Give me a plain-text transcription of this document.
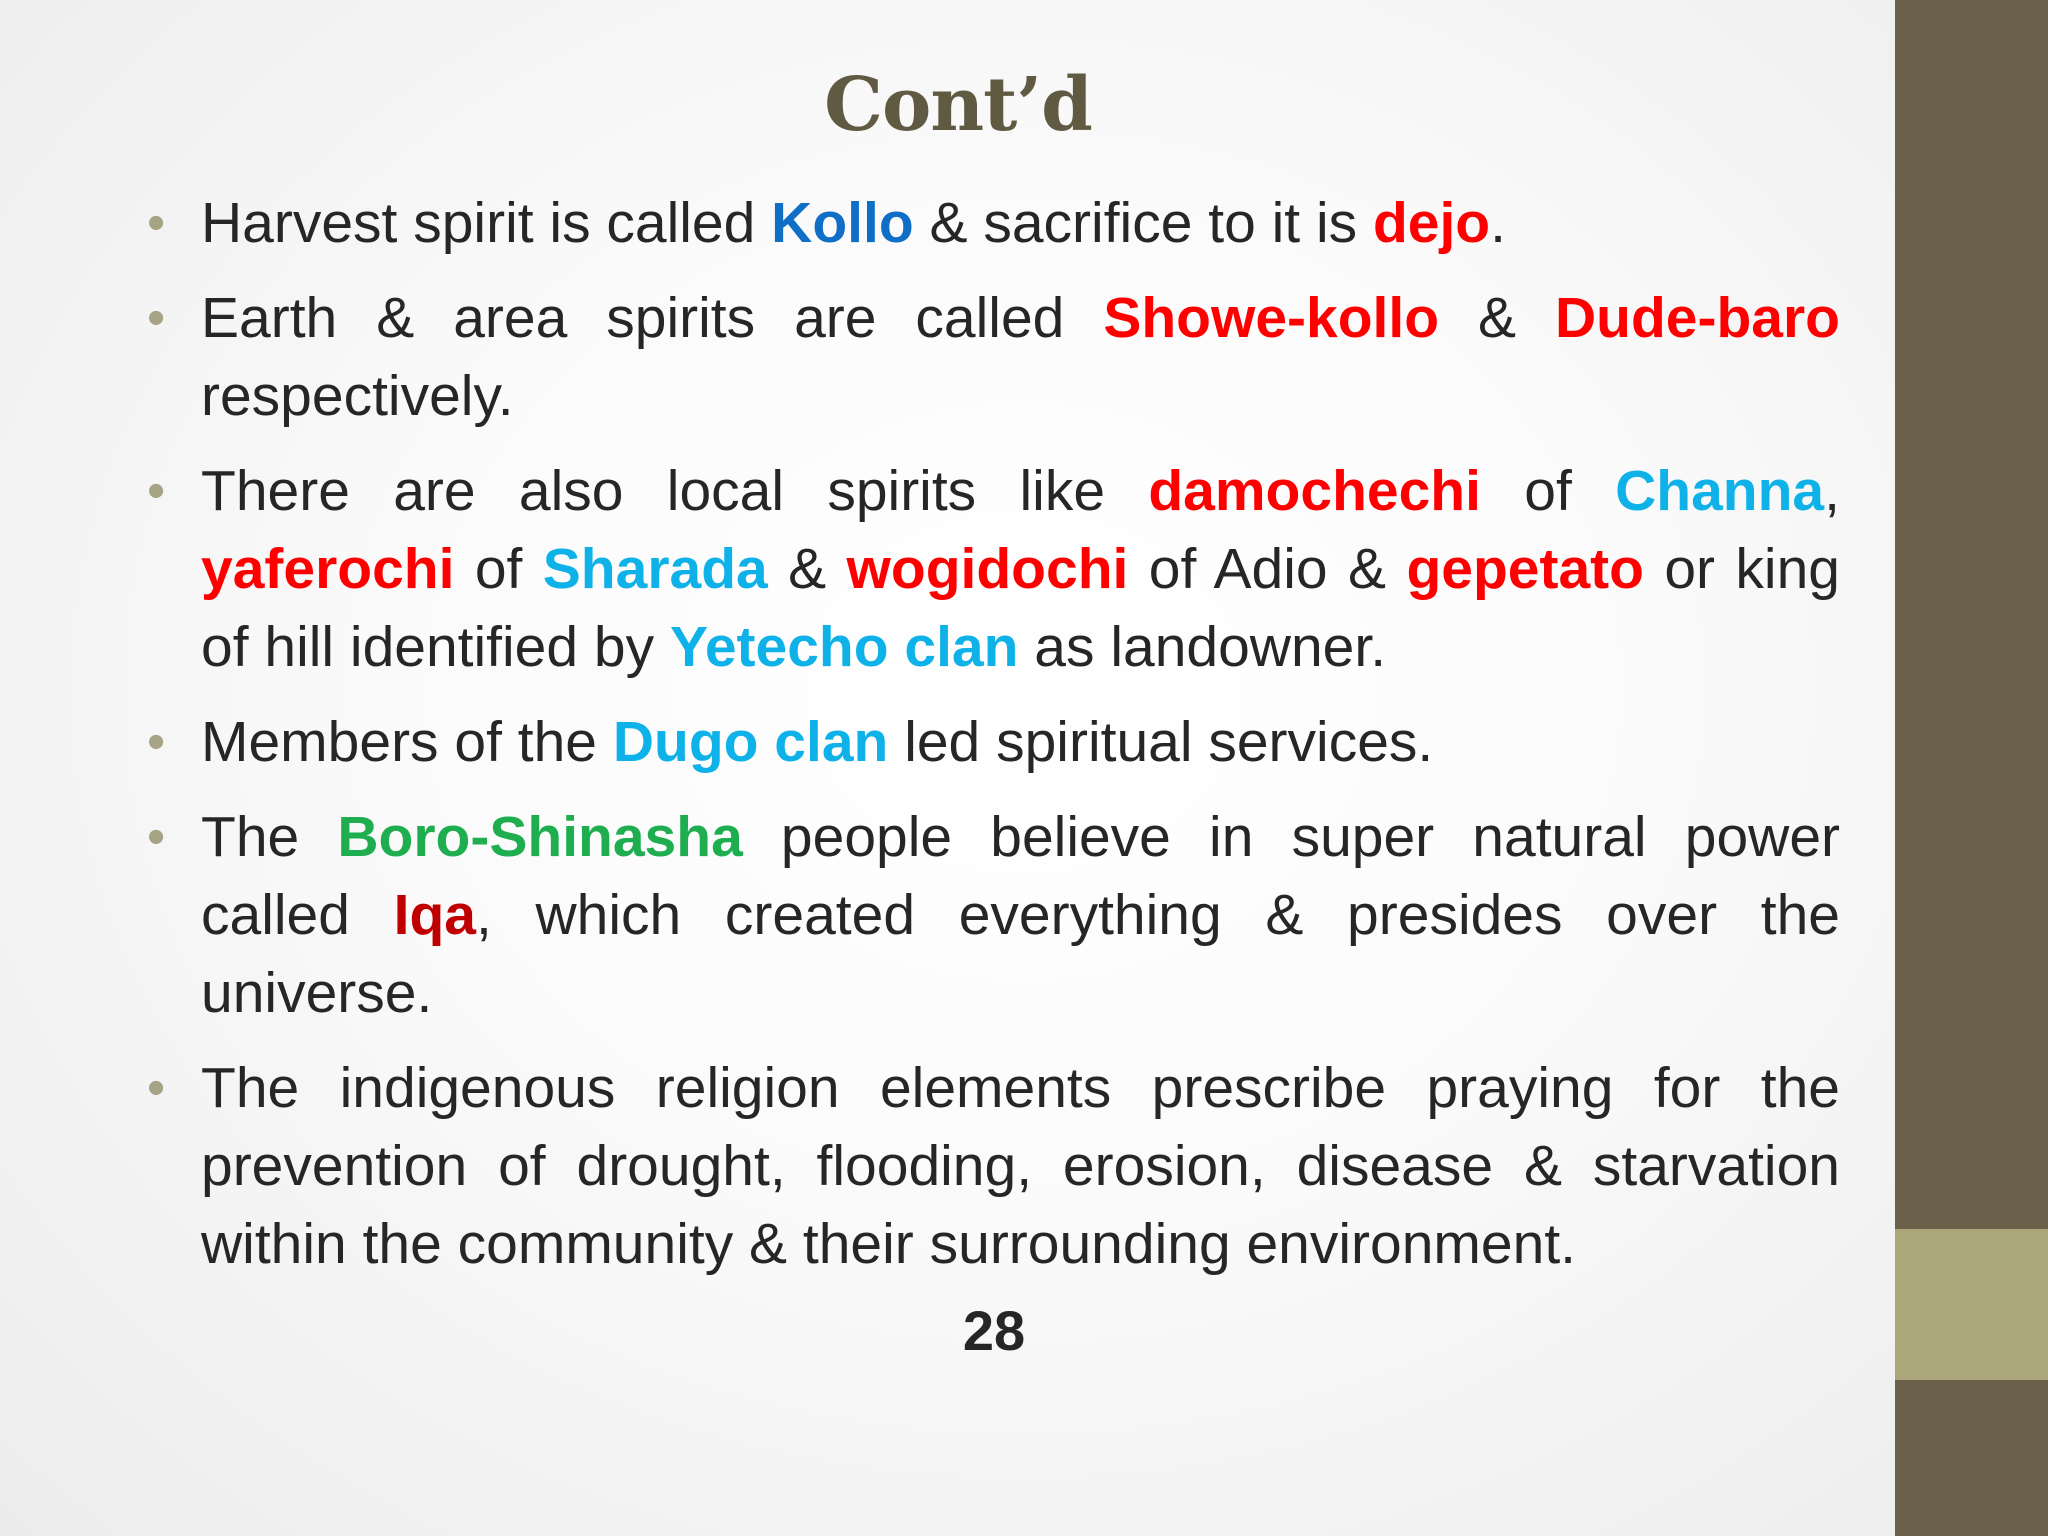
Cont’d
• Harvest spirit is called Kollo & sacrifice to it is dejo.
• Earth & area spirits are called Showe-kollo & Dude-baro respectively.
• There are also local spirits like damochechi of Channa, yaferochi of Sharada & wogidochi of Adio & gepetato or king of hill identified by Yetecho clan as landowner.
• Members of the Dugo clan led spiritual services.
• The Boro-Shinasha people believe in super natural power called Iqa, which created everything & presides over the universe.
• The indigenous religion elements prescribe praying for the prevention of drought, flooding, erosion, disease & starvation within the community & their surrounding environment.
28
